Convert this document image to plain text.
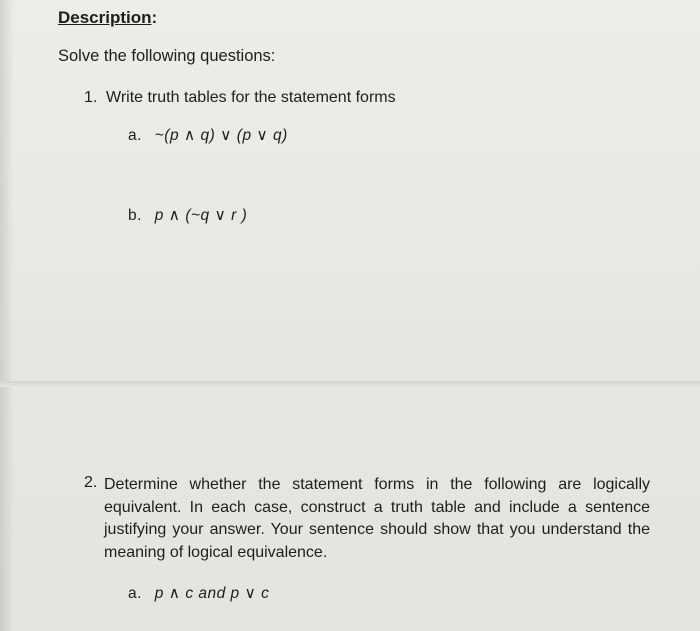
Description:
Solve the following questions:
1. Write truth tables for the statement forms
a. ~(p ∧ q) ∨ (p ∨ q)
b. p ∧ (~q ∨ r )
2. Determine whether the statement forms in the following are logically equivalent. In each case, construct a truth table and include a sentence justifying your answer. Your sentence should show that you understand the meaning of logical equivalence.
a. p ∧ c and p ∨ c
